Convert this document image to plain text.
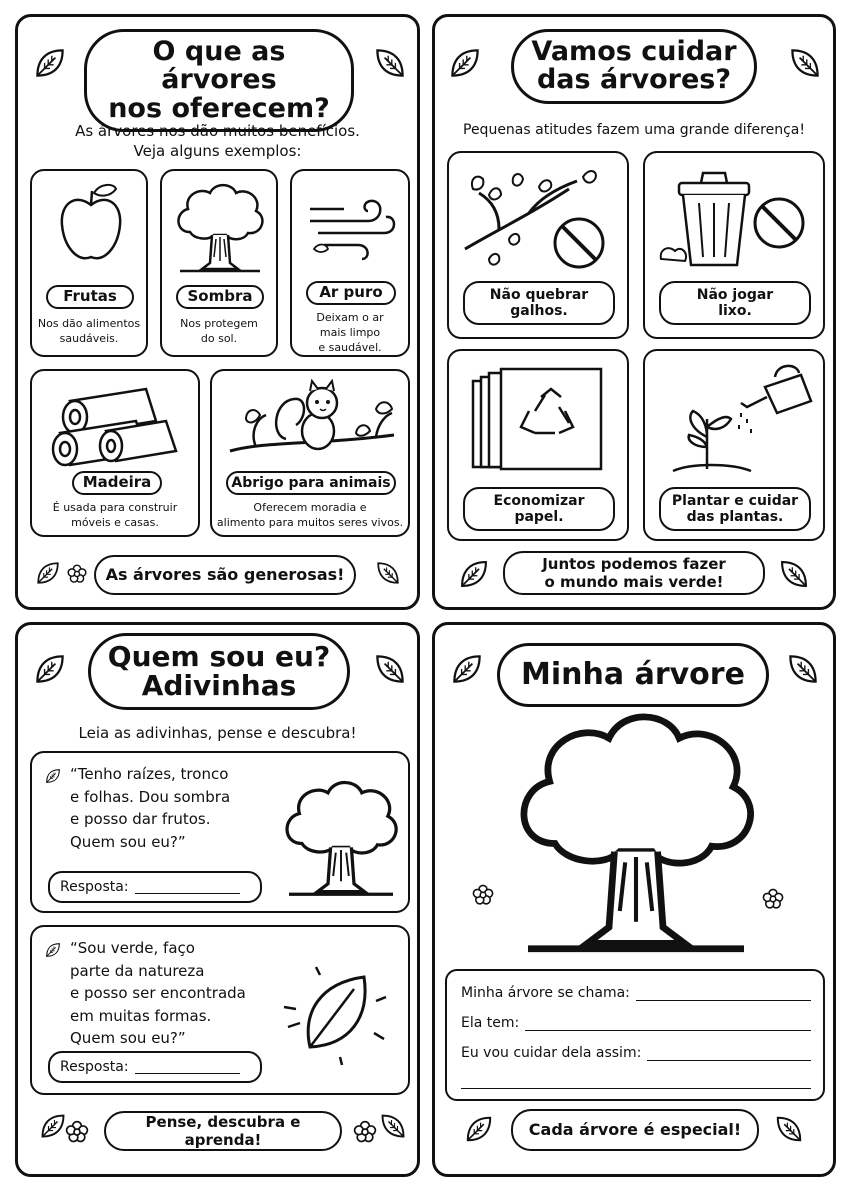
O que as árvores
nos oferecem?
As árvores nos dão muitos benefícios.
Veja alguns exemplos:
Frutas
Nos dão alimentos
saudáveis.
Sombra
Nos protegem
do sol.
Ar puro
Deixam o ar
mais limpo
e saudável.
Madeira
É usada para construir
móveis e casas.
Abrigo para animais
Oferecem moradia e
alimento para muitos seres vivos.
As árvores são generosas!
Vamos cuidar
das árvores?
Pequenas atitudes fazem uma grande diferença!
Não quebrar
galhos.
Não jogar
lixo.
Economizar
papel.
Plantar e cuidar
das plantas.
Juntos podemos fazer
o mundo mais verde!
Quem sou eu?
Adivinhas
Leia as adivinhas, pense e descubra!
“Tenho raízes, tronco
e folhas. Dou sombra
e posso dar frutos.
Quem sou eu?”
Resposta:
“Sou verde, faço
parte da natureza
e posso ser encontrada
em muitas formas.
Quem sou eu?”
Resposta:
Pense, descubra e aprenda!
Minha árvore
Minha árvore se chama:
Ela tem:
Eu vou cuidar dela assim:
Cada árvore é especial!
